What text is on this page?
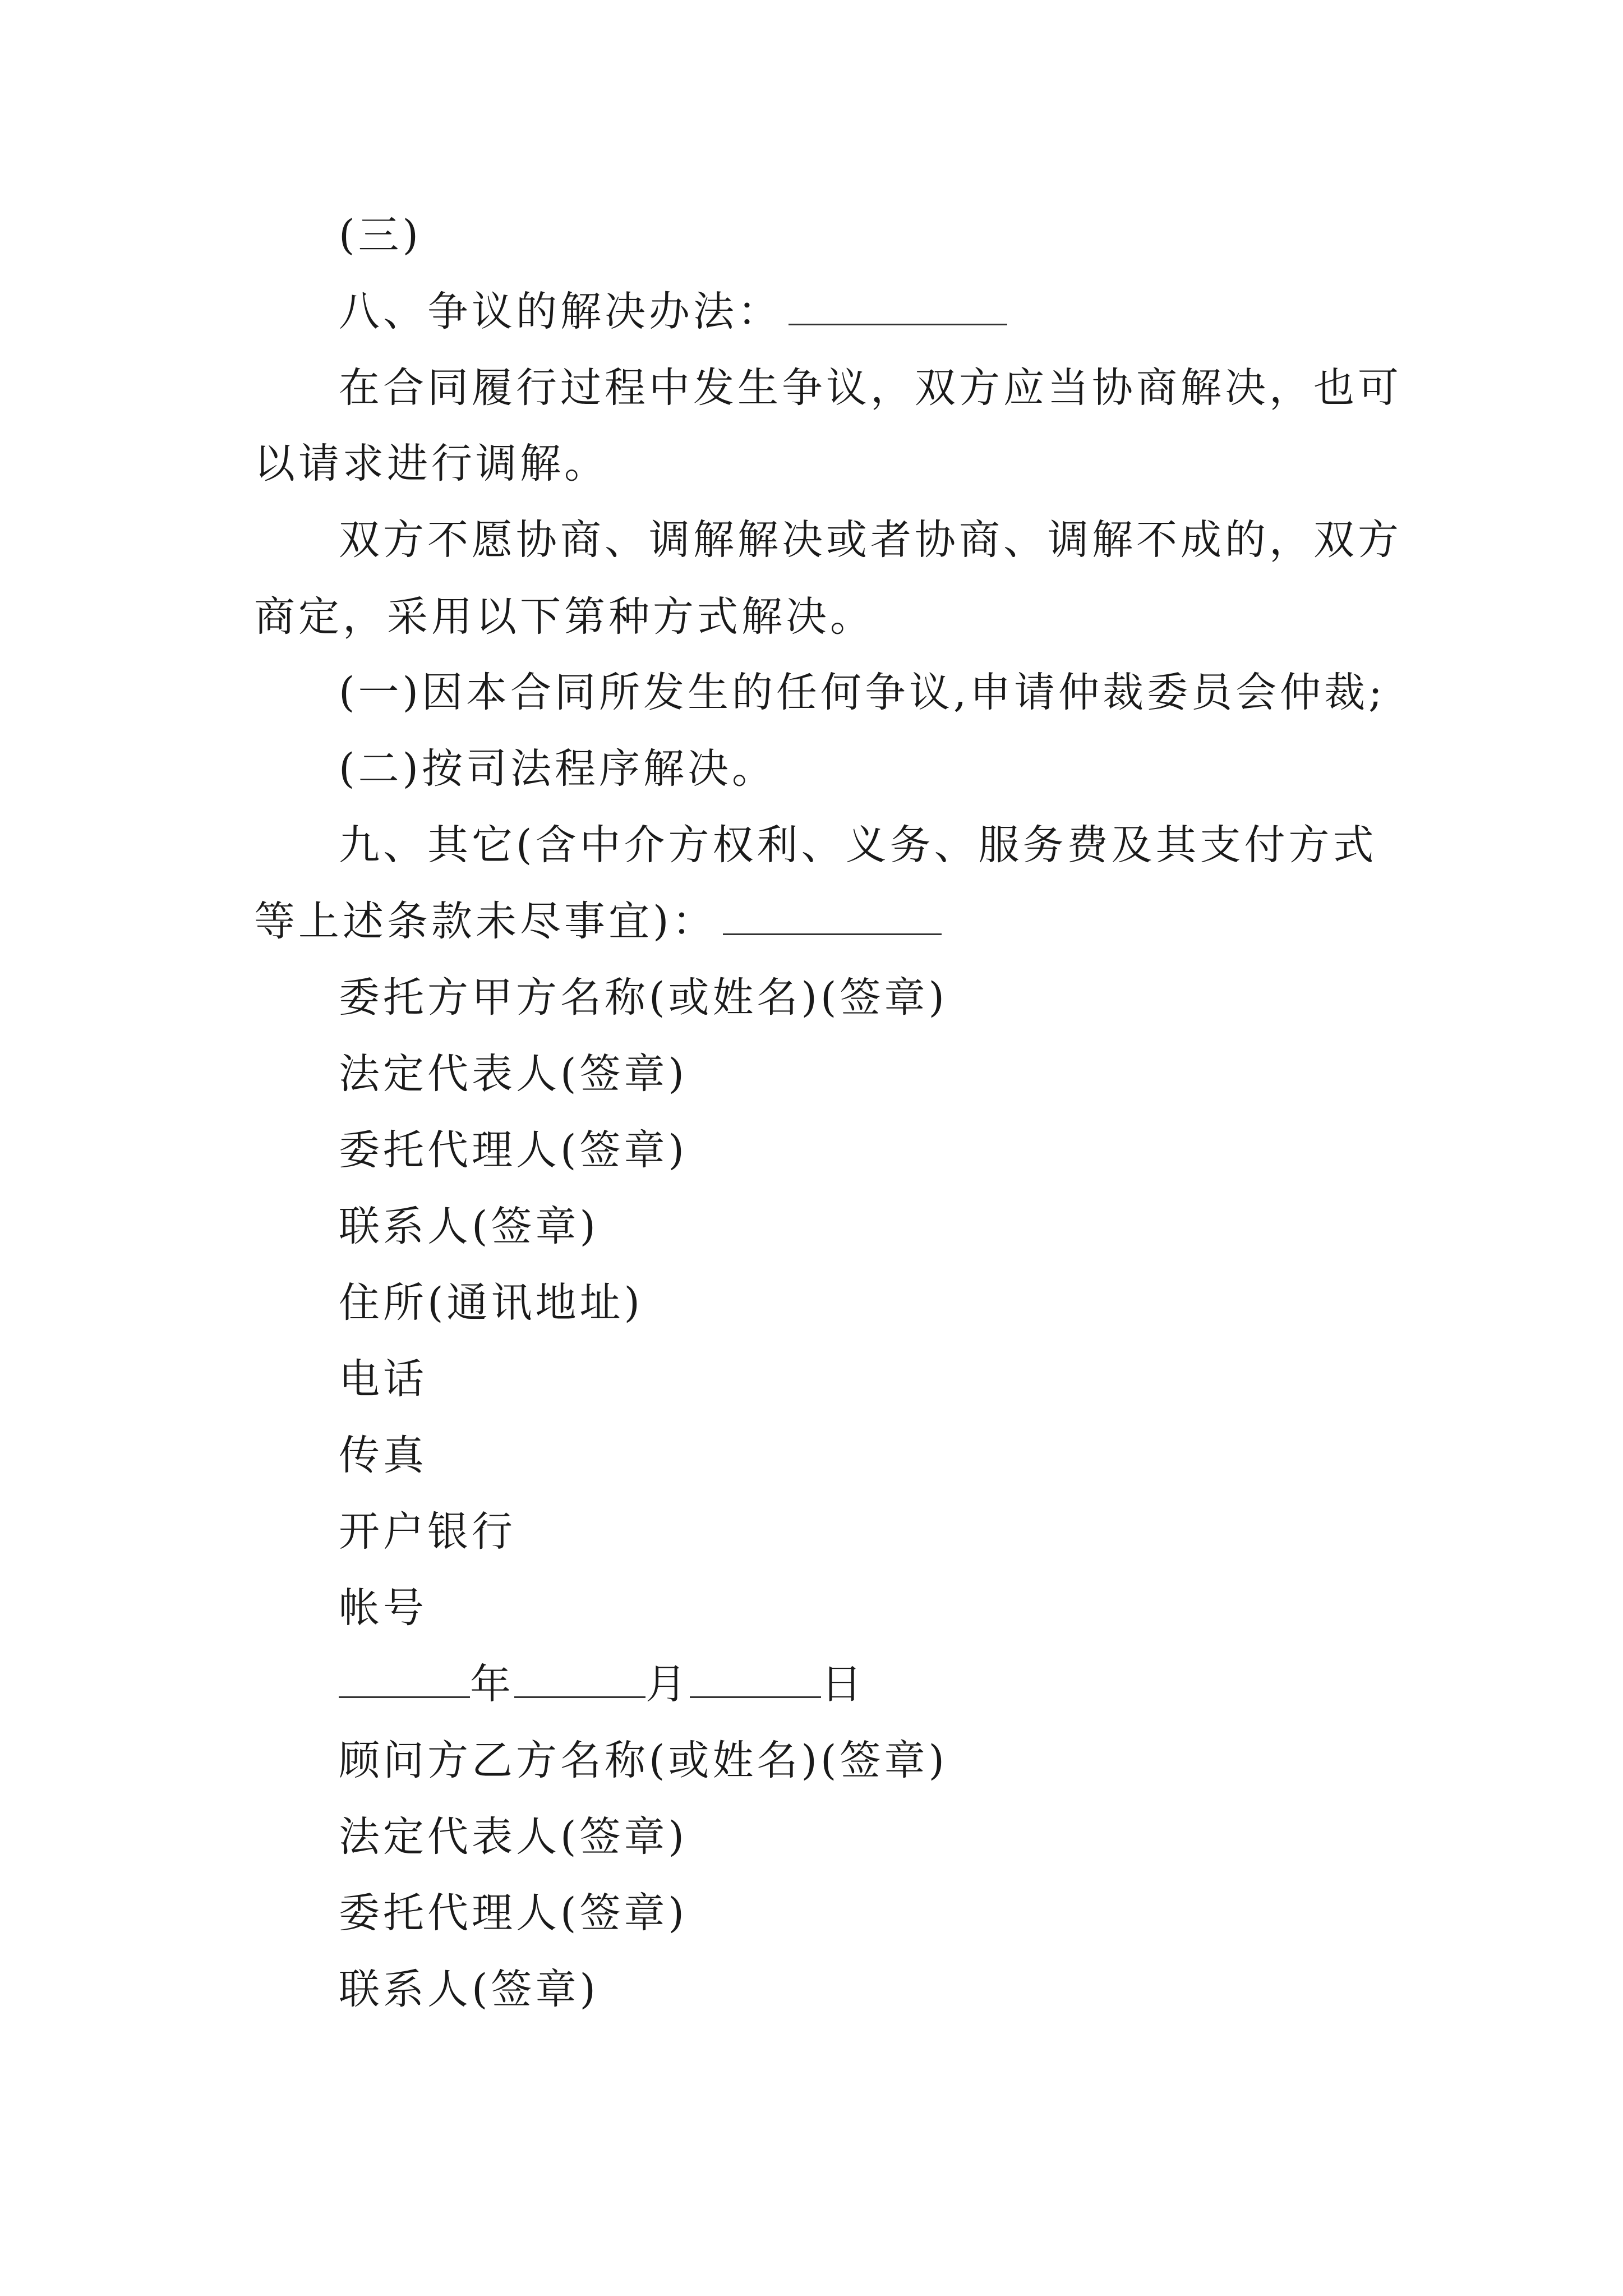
(三)
八、争议的解决办法：
在合同履行过程中发生争议，双方应当协商解决，也可
以请求进行调解。
双方不愿协商、调解解决或者协商、调解不成的，双方
商定，采用以下第种方式解决。
(一)因本合同所发生的任何争议,申请仲裁委员会仲裁;
(二)按司法程序解决。
九、其它(含中介方权利、义务、服务费及其支付方式
等上述条款未尽事宜)：
委托方甲方名称(或姓名)(签章)
法定代表人(签章)
委托代理人(签章)
联系人(签章)
住所(通讯地址)
电话
传真
开户银行
帐号
年	月	日
顾问方乙方名称(或姓名)(签章)
法定代表人(签章)
委托代理人(签章)
联系人(签章)
